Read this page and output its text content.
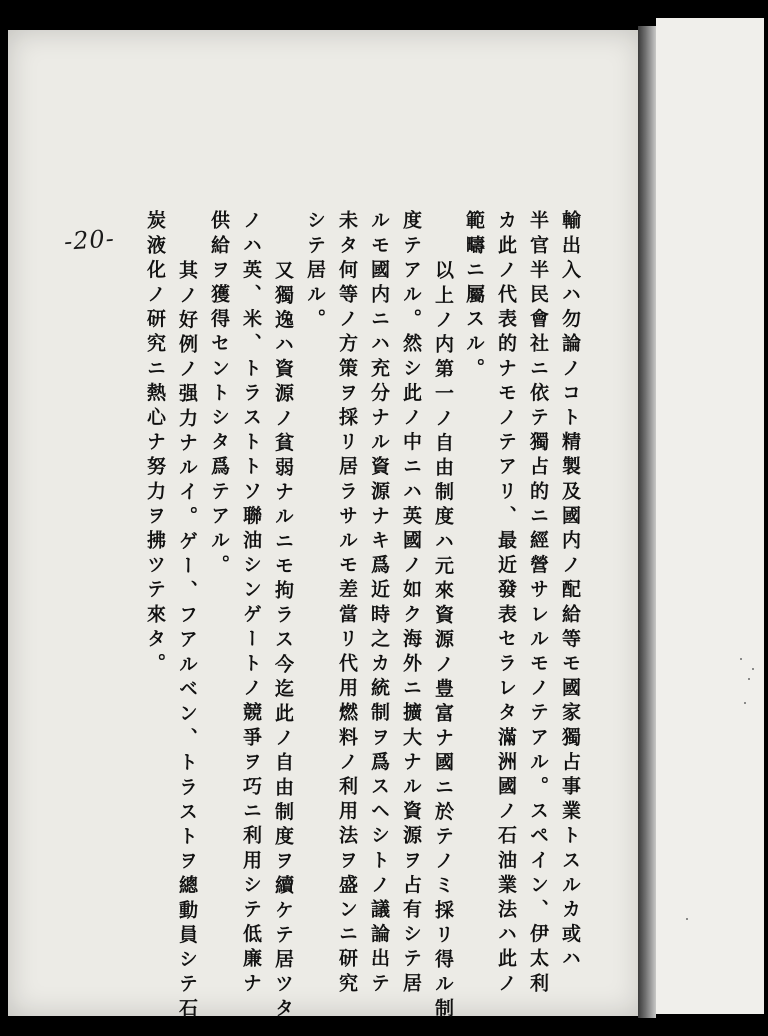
-20-	輸出入ハ勿論ノコト精製及國内ノ配給等モ國家獨占事業トスルカ或ハ
半官半民會社ニ依テ獨占的ニ經營サレルモノテアル。スペイン、伊太利
カ此ノ代表的ナモノテアリ、最近發表セラレタ滿洲國ノ石油業法ハ此ノ
範疇ニ屬スル。
以上ノ内第一ノ自由制度ハ元來資源ノ豊富ナ國ニ於テノミ採リ得ル制
度テアル。然シ此ノ中ニハ英國ノ如ク海外ニ擴大ナル資源ヲ占有シテ居
ルモ國内ニハ充分ナル資源ナキ爲近時之カ統制ヲ爲スヘシトノ議論出テ
未タ何等ノ方策ヲ採リ居ラサルモ差當リ代用燃料ノ利用法ヲ盛ンニ研究
シテ居ル。
又獨逸ハ資源ノ貧弱ナルニモ拘ラス今迄此ノ自由制度ヲ續ケテ居ツタ
ノハ英、米、トラストトソ聯油シンゲートノ競爭ヲ巧ニ利用シテ低廉ナ
供給ヲ獲得セントシタ爲テアル。
其ノ好例ノ强力ナルイ。ゲー、フアルベン、トラストヲ總動員シテ石
炭液化ノ研究ニ熱心ナ努力ヲ拂ツテ來タ。
